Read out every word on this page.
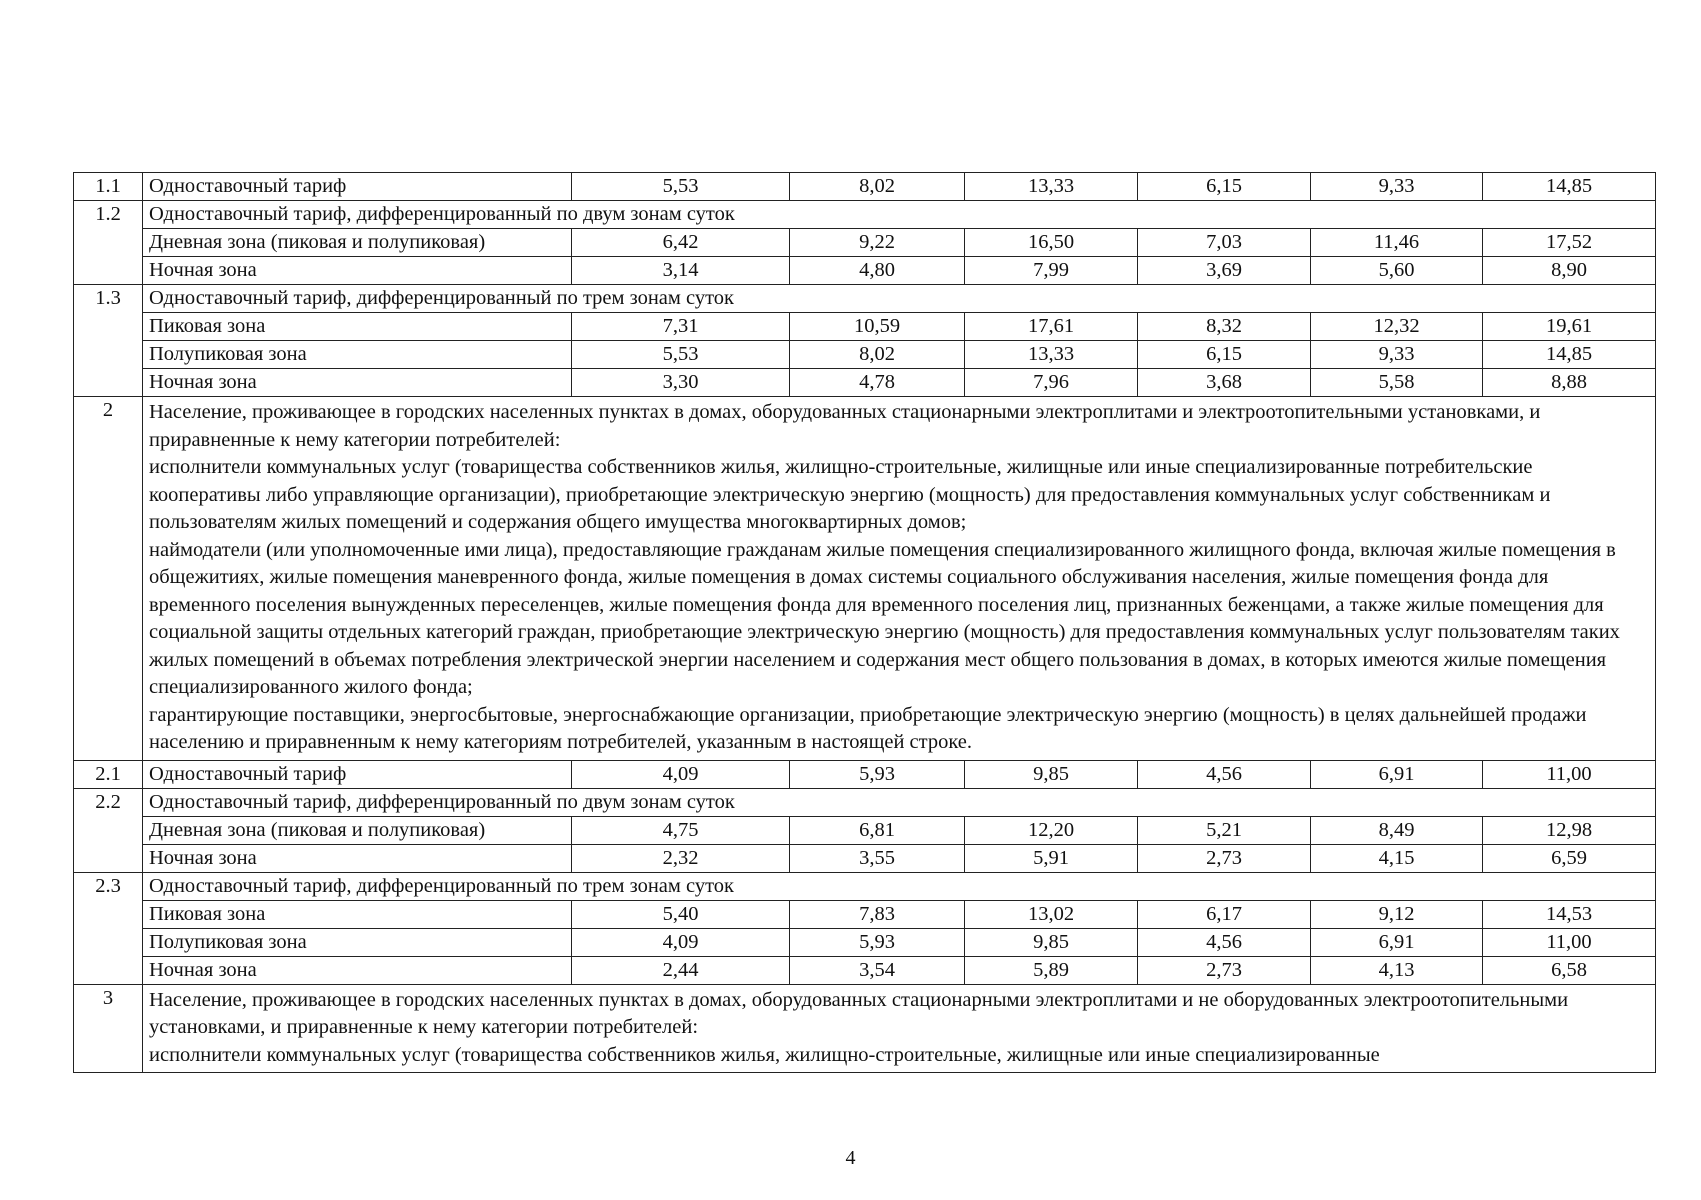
1.1	Одноставочный тариф	5,53	8,02	13,33	6,15	9,33	14,85
1.2	Одноставочный тариф, дифференцированный по двум зонам суток						
	Дневная зона (пиковая и полупиковая)	6,42	9,22	16,50	7,03	11,46	17,52
	Ночная зона	3,14	4,80	7,99	3,69	5,60	8,90
1.3	Одноставочный тариф, дифференцированный по трем зонам суток						
	Пиковая зона	7,31	10,59	17,61	8,32	12,32	19,61
	Полупиковая зона	5,53	8,02	13,33	6,15	9,33	14,85
	Ночная зона	3,30	4,78	7,96	3,68	5,58	8,88
2	Население, проживающее в городских населенных пунктах в домах, оборудованных стационарными электроплитами и электроотопительными установками, и приравненные к нему категории потребителей:

исполнители коммунальных услуг (товарищества собственников жилья, жилищно-строительные, жилищные или иные специализированные потребительские кооперативы либо управляющие организации), приобретающие электрическую энергию (мощность) для предоставления коммунальных услуг собственникам и пользователям жилых помещений и содержания общего имущества многоквартирных домов;

наймодатели (или уполномоченные ими лица), предоставляющие гражданам жилые помещения специализированного жилищного фонда, включая жилые помещения в общежитиях, жилые помещения маневренного фонда, жилые помещения в домах системы социального обслуживания населения, жилые помещения фонда для временного поселения вынужденных переселенцев, жилые помещения фонда для временного поселения лиц, признанных беженцами, а также жилые помещения для социальной защиты отдельных категорий граждан, приобретающие электрическую энергию (мощность) для предоставления коммунальных услуг пользователям таких жилых помещений в объемах потребления электрической энергии населением и содержания мест общего пользования в домах, в которых имеются жилые помещения специализированного жилого фонда;

гарантирующие поставщики, энергосбытовые, энергоснабжающие организации, приобретающие электрическую энергию (мощность) в целях дальнейшей продажи населению и приравненным к нему категориям потребителей, указанным в настоящей строке.						

2.1	Одноставочный тариф	4,09	5,93	9,85	4,56	6,91	11,00
2.2	Одноставочный тариф, дифференцированный по двум зонам суток						
	Дневная зона (пиковая и полупиковая)	4,75	6,81	12,20	5,21	8,49	12,98
	Ночная зона	2,32	3,55	5,91	2,73	4,15	6,59
2.3	Одноставочный тариф, дифференцированный по трем зонам суток						
	Пиковая зона	5,40	7,83	13,02	6,17	9,12	14,53
	Полупиковая зона	4,09	5,93	9,85	4,56	6,91	11,00
	Ночная зона	2,44	3,54	5,89	2,73	4,13	6,58
3	Население, проживающее в городских населенных пунктах в домах, оборудованных стационарными электроплитами и не оборудованных электроотопительными установками, и приравненные к нему категории потребителей:

исполнители коммунальных услуг (товарищества собственников жилья, жилищно-строительные, жилищные или иные специализированные						

4
